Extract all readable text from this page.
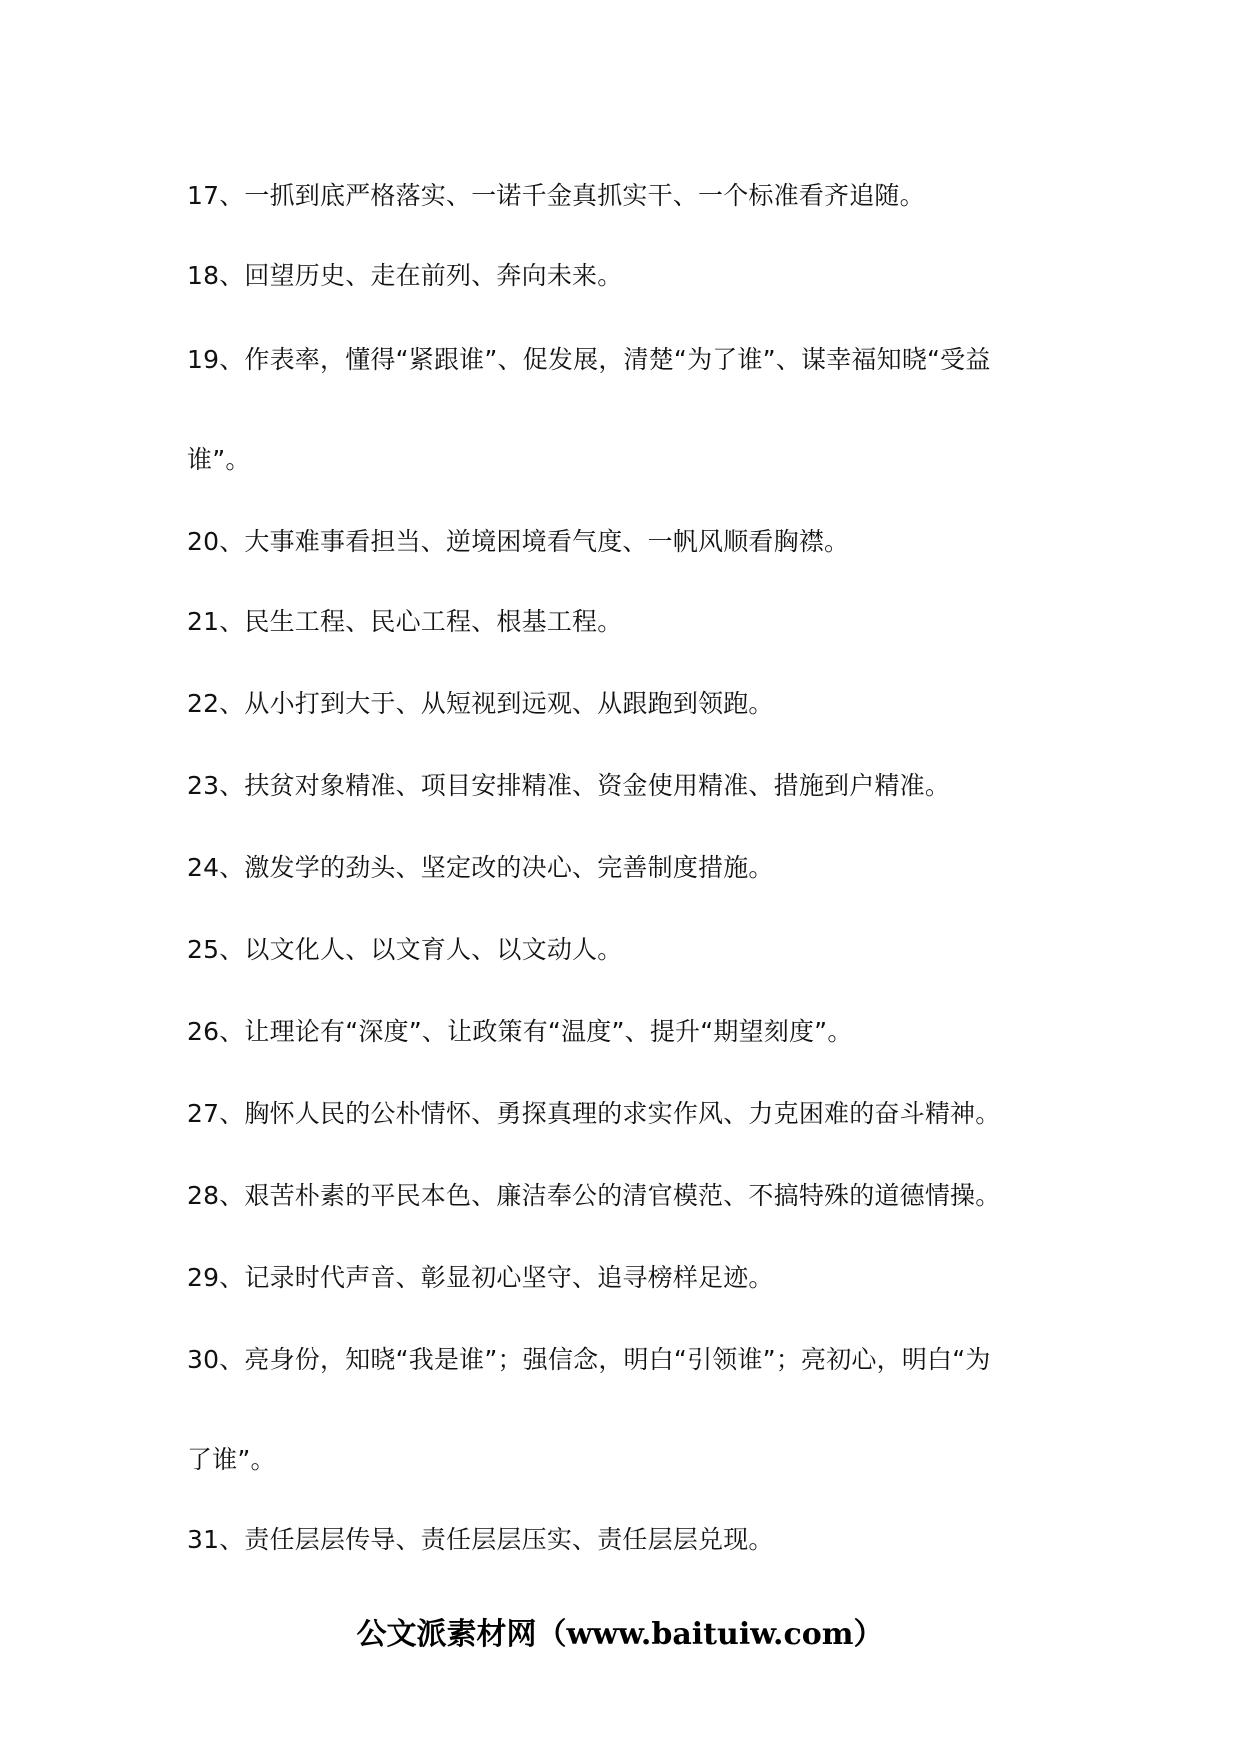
17、一抓到底严格落实、一诺千金真抓实干、一个标准看齐追随。
18、回望历史、走在前列、奔向未来。
19、作表率，懂得“紧跟谁”、促发展，清楚“为了谁”、谋幸福知晓“受益
谁”。
20、大事难事看担当、逆境困境看气度、一帆风顺看胸襟。
21、民生工程、民心工程、根基工程。
22、从小打到大于、从短视到远观、从跟跑到领跑。
23、扶贫对象精准、项目安排精准、资金使用精准、措施到户精准。
24、激发学的劲头、坚定改的决心、完善制度措施。
25、以文化人、以文育人、以文动人。
26、让理论有“深度”、让政策有“温度”、提升“期望刻度”。
27、胸怀人民的公朴情怀、勇探真理的求实作风、力克困难的奋斗精神。
28、艰苦朴素的平民本色、廉洁奉公的清官模范、不搞特殊的道德情操。
29、记录时代声音、彰显初心坚守、追寻榜样足迹。
30、亮身份，知晓“我是谁”；强信念，明白“引领谁”；亮初心，明白“为
了谁”。
31、责任层层传导、责任层层压实、责任层层兑现。
公文派素材网（www.baituiw.com）
